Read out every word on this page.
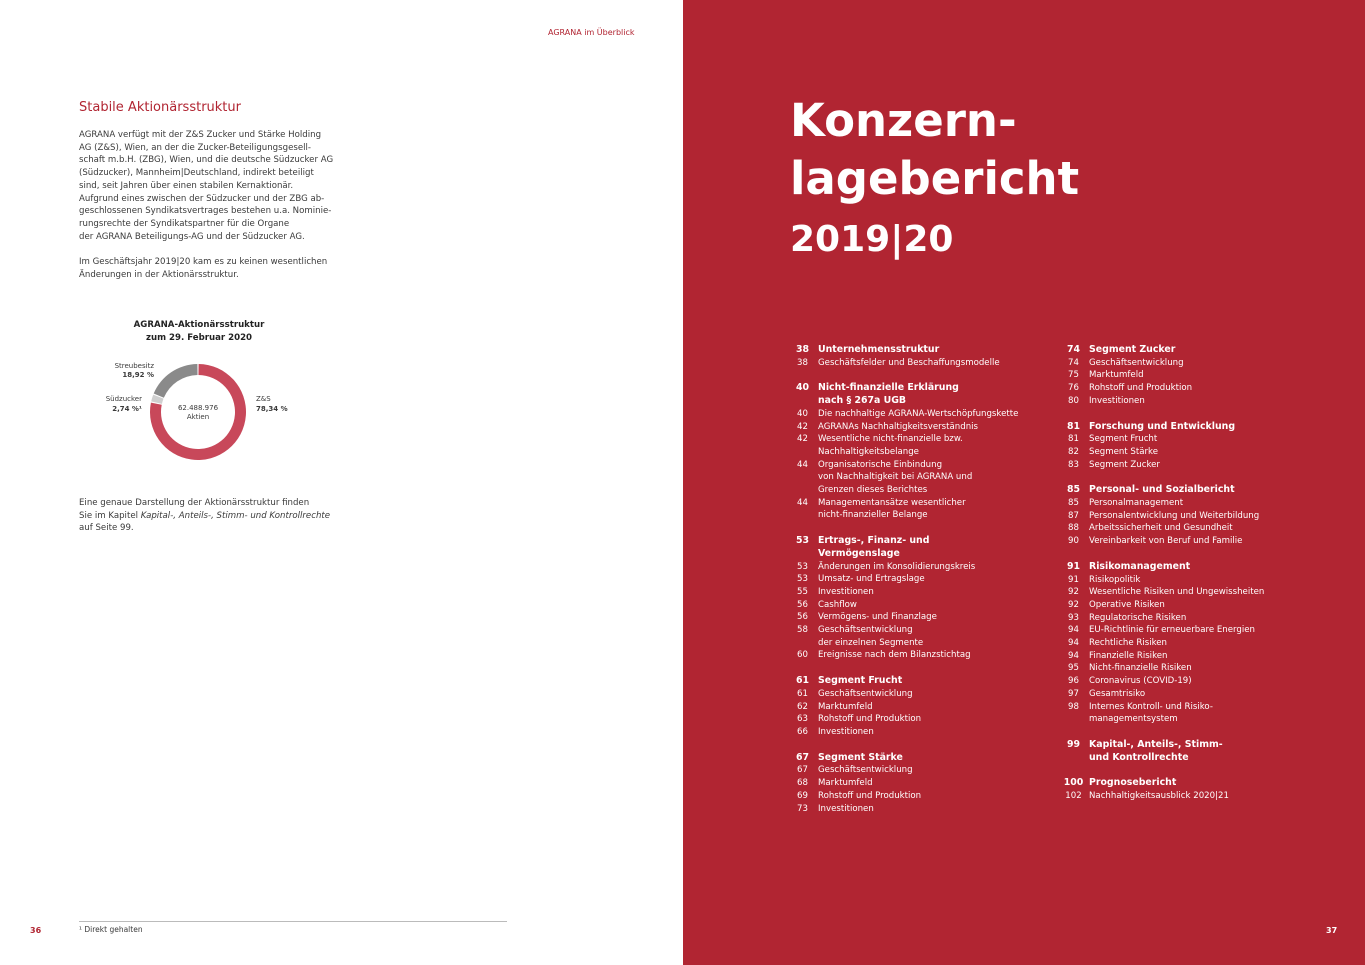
AGRANA im Überblick
Stabile Aktionärsstruktur
AGRANA verfügt mit der Z&S Zucker und Stärke Holding
AG (Z&S), Wien, an der die Zucker-Beteiligungsgesell-
schaft m.b.H. (ZBG), Wien, und die deutsche Südzucker AG
(Südzucker), Mannheim|Deutschland, indirekt beteiligt
sind, seit Jahren über einen stabilen Kernaktionär.
Aufgrund eines zwischen der Südzucker und der ZBG ab-
geschlossenen Syndikatsvertrages bestehen u.a. Nominie-
rungsrechte der Syndikatspartner für die Organe
der AGRANA Beteiligungs-AG und der Südzucker AG.
Im Geschäftsjahr 2019|20 kam es zu keinen wesentlichen
Änderungen in der Aktionärsstruktur.
AGRANA-Aktionärsstruktur
zum 29. Februar 2020
62.488.976
Aktien
Streubesitz
18,92 %
Südzucker
2,74 %¹
Z&S
78,34 %
Eine genaue Darstellung der Aktionärsstruktur finden
Sie im Kapitel Kapital-, Anteils-, Stimm- und Kontrollrechte
auf Seite 99.
¹ Direkt gehalten
36
Konzern-
lagebericht
2019|20
38 Unternehmensstruktur
38	Geschäftsfelder und Beschaffungsmodelle
40 Nicht-finanzielle Erklärung
nach § 267a UGB
40	Die nachhaltige AGRANA-Wertschöpfungskette
42	AGRANAs Nachhaltigkeitsverständnis
42	Wesentliche nicht-finanzielle bzw.
Nachhaltigkeitsbelange
44	Organisatorische Einbindung
von Nachhaltigkeit bei AGRANA und
Grenzen dieses Berichtes
44	Managementansätze wesentlicher
nicht-finanzieller Belange
53 Ertrags-, Finanz- und
Vermögenslage
53	Änderungen im Konsolidierungskreis
53	Umsatz- und Ertragslage
55	Investitionen
56	Cashflow
56	Vermögens- und Finanzlage
58	Geschäftsentwicklung
der einzelnen Segmente
60	Ereignisse nach dem Bilanzstichtag
61 Segment Frucht
61	Geschäftsentwicklung
62	Marktumfeld
63	Rohstoff und Produktion
66	Investitionen
67 Segment Stärke
67	Geschäftsentwicklung
68	Marktumfeld
69	Rohstoff und Produktion
73	Investitionen
74 Segment Zucker
74	Geschäftsentwicklung
75	Marktumfeld
76	Rohstoff und Produktion
80	Investitionen
81 Forschung und Entwicklung
81	Segment Frucht
82	Segment Stärke
83	Segment Zucker
85 Personal- und Sozialbericht
85	Personalmanagement
87	Personalentwicklung und Weiterbildung
88	Arbeitssicherheit und Gesundheit
90	Vereinbarkeit von Beruf und Familie
91 Risikomanagement
91	Risikopolitik
92	Wesentliche Risiken und Ungewissheiten
92	Operative Risiken
93	Regulatorische Risiken
94	EU-Richtlinie für erneuerbare Energien
94	Rechtliche Risiken
94	Finanzielle Risiken
95	Nicht-finanzielle Risiken
96	Coronavirus (COVID-19)
97	Gesamtrisiko
98	Internes Kontroll- und Risiko-
managementsystem
99 Kapital-, Anteils-, Stimm-
und Kontrollrechte
100 Prognosebericht
102 Nachhaltigkeitsausblick 2020|21
37
